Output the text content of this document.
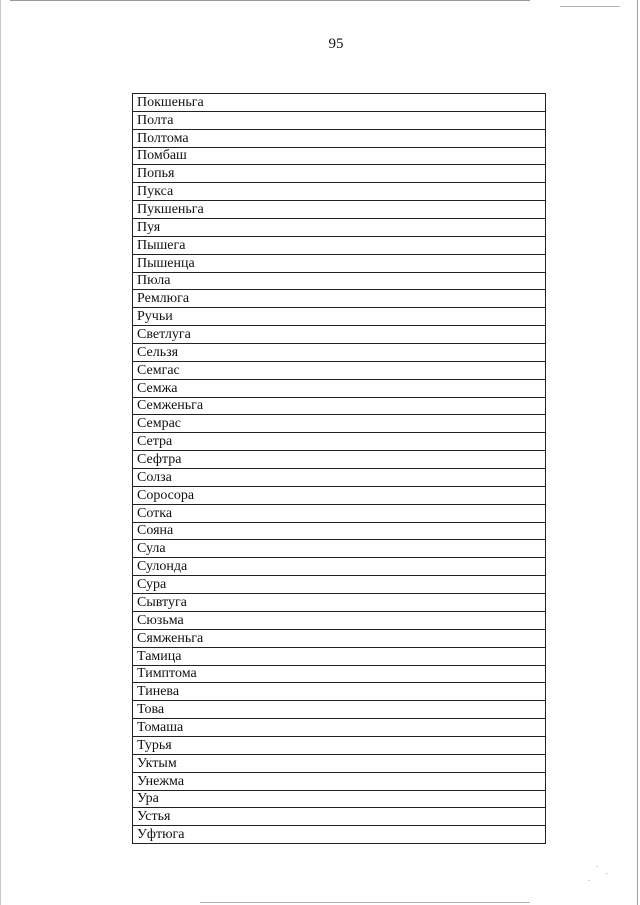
95
Покшеньга
Полта
Полтома
Помбаш
Попья
Пукса
Пукшеньга
Пуя
Пышега
Пышенца
Пюла
Ремлюга
Ручьи
Светлуга
Сельзя
Семгас
Семжа
Семженьга
Семрас
Сетра
Сефтра
Солза
Соросора
Сотка
Сояна
Сула
Сулонда
Сура
Сывтуга
Сюзьма
Сямженьга
Тамица
Тимптома
Тинева
Това
Томаша
Турья
Уктым
Унежма
Ура
Устья
Уфтюга
